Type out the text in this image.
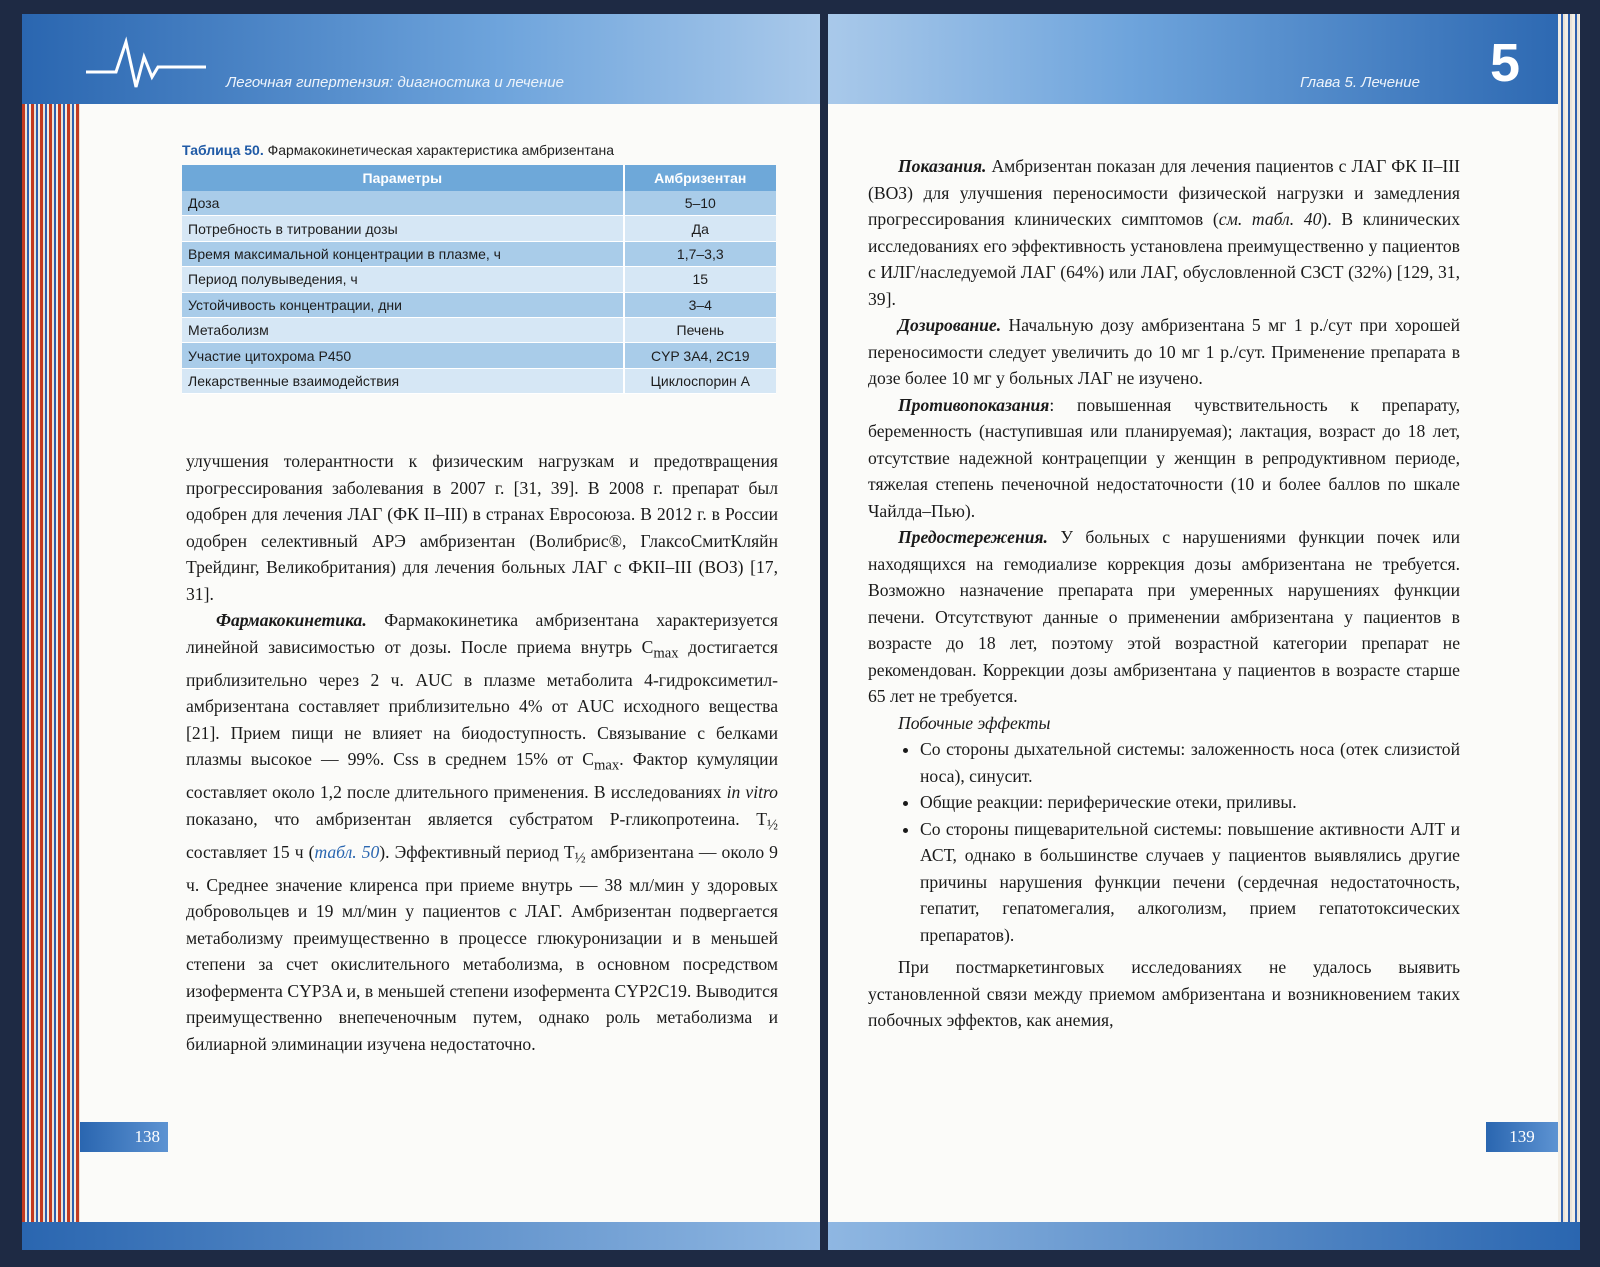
Легочная гипертензия: диагностика и лечение
Таблица 50. Фармакокинетическая характеристика амбризентана
Параметры	Амбризентан
Доза	5–10
Потребность в титровании дозы	Да
Время максимальной концентрации в плазме, ч	1,7–3,3
Период полувыведения, ч	15
Устойчивость концентрации, дни	3–4
Метаболизм	Печень
Участие цитохрома P450	CYP 3A4, 2C19
Лекарственные взаимодействия	Циклоспорин А

улучшения толерантности к физическим нагрузкам и предотвращения прогрессирования заболевания в 2007 г. [31, 39]. В 2008 г. препарат был одобрен для лечения ЛАГ (ФК II–III) в странах Евросоюза. В 2012 г. в России одобрен селективный АРЭ амбризентан (Волибрис®, ГлаксоСмитКляйн Трейдинг, Великобритания) для лечения больных ЛАГ с ФКII–III (ВОЗ) [17, 31].

Фармакокинетика. Фармакокинетика амбризентана характеризуется линейной зависимостью от дозы. После приема внутрь $C_{max}$ достигается приблизительно через 2 ч. AUC в плазме метаболита 4-гидроксиметил-амбризентана составляет приблизительно 4% от AUC исходного вещества [21]. Прием пищи не влияет на биодоступность. Связывание с белками плазмы высокое — 99%. Css в среднем 15% от $C_{max}$. Фактор кумуляции составляет около 1,2 после длительного применения. В исследованиях in vitro показано, что амбризентан является субстратом P-гликопротеина. $T_{\frac{1}{2}}$ составляет 15 ч (табл. 50). Эффективный период $T_{\frac{1}{2}}$ амбризентана — около 9 ч. Среднее значение клиренса при приеме внутрь — 38 мл/мин у здоровых добровольцев и 19 мл/мин у пациентов с ЛАГ. Амбризентан подвергается метаболизму преимущественно в процессе глюкуронизации и в меньшей степени за счет окислительного метаболизма, в основном посредством изофермента CYP3A и, в меньшей степени изофермента CYP2C19. Выводится преимущественно внепеченочным путем, однако роль метаболизма и билиарной элиминации изучена недостаточно.

138
Глава 5. Лечение 5

Показания. Амбризентан показан для лечения пациентов с ЛАГ ФК II–III (ВОЗ) для улучшения переносимости физической нагрузки и замедления прогрессирования клинических симптомов (см. табл. 40). В клинических исследованиях его эффективность установлена преимущественно у пациентов с ИЛГ/наследуемой ЛАГ (64%) или ЛАГ, обусловленной СЗСТ (32%) [129, 31, 39].

Дозирование. Начальную дозу амбризентана 5 мг 1 р./сут при хорошей переносимости следует увеличить до 10 мг 1 р./сут. Применение препарата в дозе более 10 мг у больных ЛАГ не изучено.

Противопоказания: повышенная чувствительность к препарату, беременность (наступившая или планируемая); лактация, возраст до 18 лет, отсутствие надежной контрацепции у женщин в репродуктивном периоде, тяжелая степень печеночной недостаточности (10 и более баллов по шкале Чайлда–Пью).

Предостережения. У больных с нарушениями функции почек или находящихся на гемодиализе коррекция дозы амбризентана не требуется. Возможно назначение препарата при умеренных нарушениях функции печени. Отсутствуют данные о применении амбризентана у пациентов в возрасте до 18 лет, поэтому этой возрастной категории препарат не рекомендован. Коррекции дозы амбризентана у пациентов в возрасте старше 65 лет не требуется.

Побочные эффекты

• Со стороны дыхательной системы: заложенность носа (отек слизистой носа), синусит.
• Общие реакции: периферические отеки, приливы.
• Со стороны пищеварительной системы: повышение активности АЛТ и АСТ, однако в большинстве случаев у пациентов выявлялись другие причины нарушения функции печени (сердечная недостаточность, гепатит, гепатомегалия, алкоголизм, прием гепатотоксических препаратов).

При постмаркетинговых исследованиях не удалось выявить установленной связи между приемом амбризентана и возникновением таких побочных эффектов, как анемия,

139
